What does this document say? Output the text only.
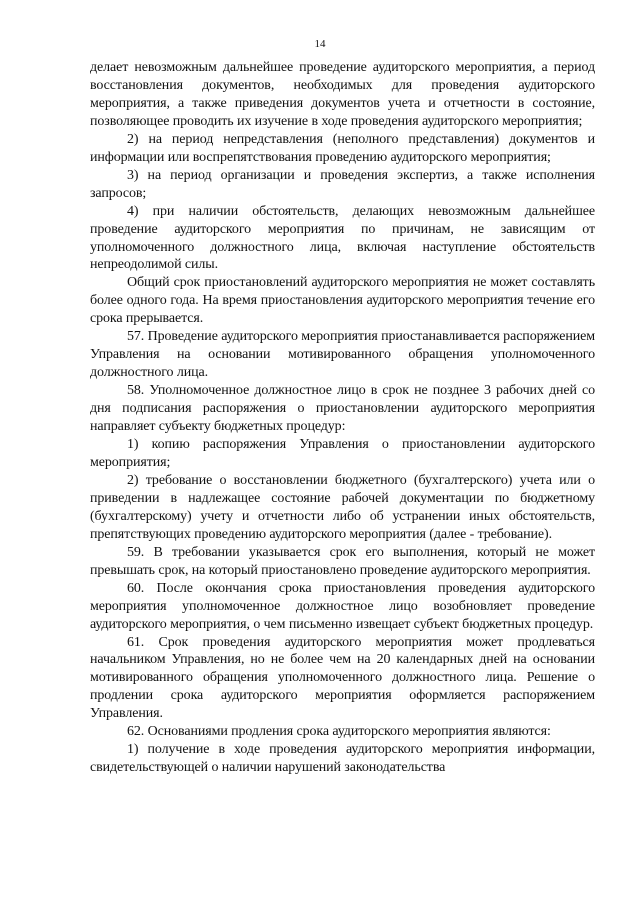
14

делает невозможным дальнейшее проведение аудиторского мероприятия, а период восстановления документов, необходимых для проведения аудиторского мероприятия, а также приведения документов учета и отчетности в состояние, позволяющее проводить их изучение в ходе проведения аудиторского мероприятия;

2) на период непредставления (неполного представления) документов и информации или воспрепятствования проведению аудиторского мероприятия;

3) на период организации и проведения экспертиз, а также исполнения запросов;

4) при наличии обстоятельств, делающих невозможным дальнейшее проведение аудиторского мероприятия по причинам, не зависящим от уполномоченного должностного лица, включая наступление обстоятельств непреодолимой силы.

Общий срок приостановлений аудиторского мероприятия не может составлять более одного года. На время приостановления аудиторского мероприятия течение его срока прерывается.

57. Проведение аудиторского мероприятия приостанавливается распоряжением Управления на основании мотивированного обращения уполномоченного должностного лица.

58. Уполномоченное должностное лицо в срок не позднее 3 рабочих дней со дня подписания распоряжения о приостановлении аудиторского мероприятия направляет субъекту бюджетных процедур:

1) копию распоряжения Управления о приостановлении аудиторского мероприятия;

2) требование о восстановлении бюджетного (бухгалтерского) учета или о приведении в надлежащее состояние рабочей документации по бюджетному (бухгалтерскому) учету и отчетности либо об устранении иных обстоятельств, препятствующих проведению аудиторского мероприятия (далее - требование).

59. В требовании указывается срок его выполнения, который не может превышать срок, на который приостановлено проведение аудиторского мероприятия.

60. После окончания срока приостановления проведения аудиторского мероприятия уполномоченное должностное лицо возобновляет проведение аудиторского мероприятия, о чем письменно извещает субъект бюджетных процедур.

61. Срок проведения аудиторского мероприятия может продлеваться начальником Управления, но не более чем на 20 календарных дней на основании мотивированного обращения уполномоченного должностного лица. Решение о продлении срока аудиторского мероприятия оформляется распоряжением Управления.

62. Основаниями продления срока аудиторского мероприятия являются:

1) получение в ходе проведения аудиторского мероприятия информации, свидетельствующей о наличии нарушений законодательства
